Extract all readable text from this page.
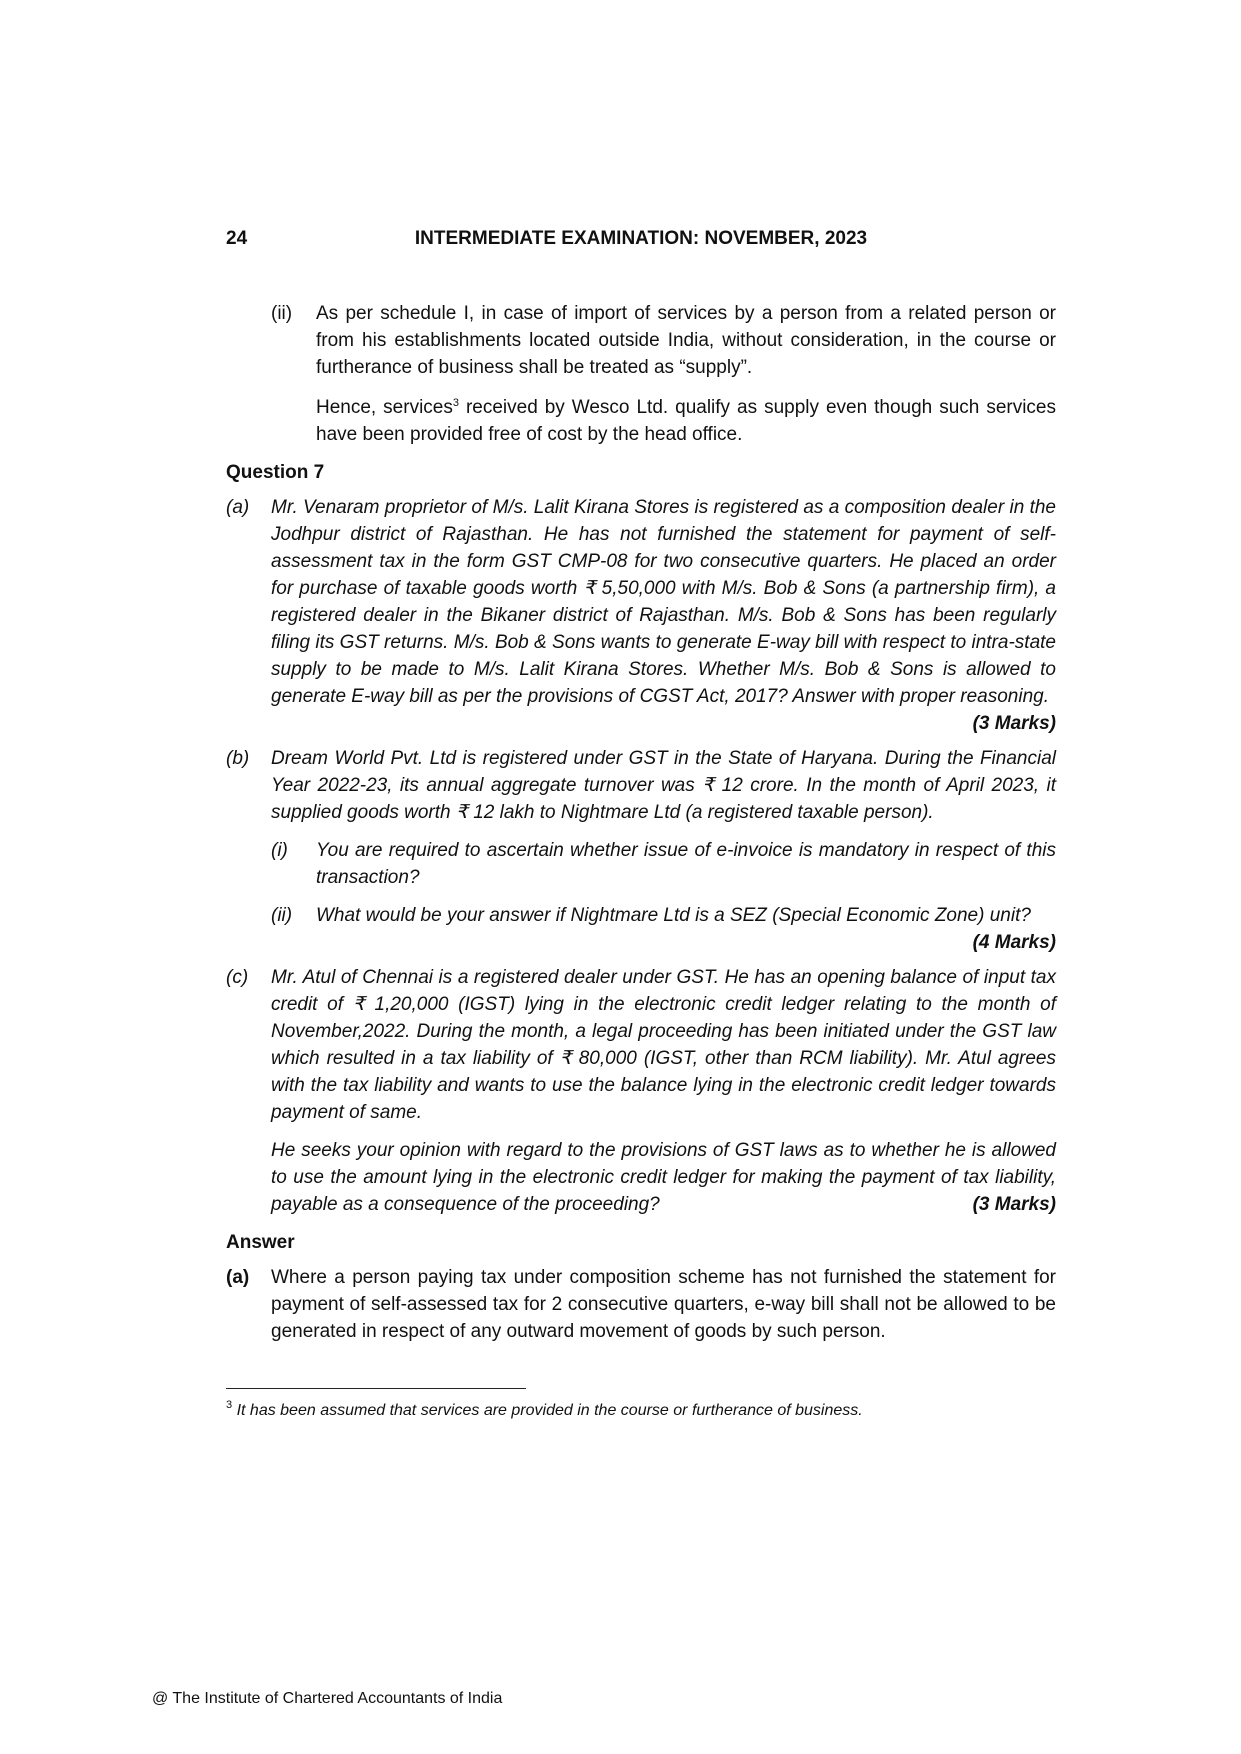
24	INTERMEDIATE EXAMINATION: NOVEMBER, 2023
(ii) As per schedule I, in case of import of services by a person from a related person or from his establishments located outside India, without consideration, in the course or furtherance of business shall be treated as “supply”.
Hence, services$^3$ received by Wesco Ltd. qualify as supply even though such services have been provided free of cost by the head office.
Question 7
(a) Mr. Venaram proprietor of M/s. Lalit Kirana Stores is registered as a composition dealer in the Jodhpur district of Rajasthan. He has not furnished the statement for payment of self-assessment tax in the form GST CMP-08 for two consecutive quarters. He placed an order for purchase of taxable goods worth ₹ 5,50,000 with M/s. Bob & Sons (a partnership firm), a registered dealer in the Bikaner district of Rajasthan. M/s. Bob & Sons has been regularly filing its GST returns. M/s. Bob & Sons wants to generate E-way bill with respect to intra-state supply to be made to M/s. Lalit Kirana Stores. Whether M/s. Bob & Sons is allowed to generate E-way bill as per the provisions of CGST Act, 2017? Answer with proper reasoning.
(3 Marks)
(b) Dream World Pvt. Ltd is registered under GST in the State of Haryana. During the Financial Year 2022-23, its annual aggregate turnover was ₹ 12 crore. In the month of April 2023, it supplied goods worth ₹ 12 lakh to Nightmare Ltd (a registered taxable person).
(i) You are required to ascertain whether issue of e-invoice is mandatory in respect of this transaction?
(ii) What would be your answer if Nightmare Ltd is a SEZ (Special Economic Zone) unit?
(4 Marks)
(c) Mr. Atul of Chennai is a registered dealer under GST. He has an opening balance of input tax credit of ₹ 1,20,000 (IGST) lying in the electronic credit ledger relating to the month of November,2022. During the month, a legal proceeding has been initiated under the GST law which resulted in a tax liability of ₹ 80,000 (IGST, other than RCM liability). Mr. Atul agrees with the tax liability and wants to use the balance lying in the electronic credit ledger towards payment of same.
He seeks your opinion with regard to the provisions of GST laws as to whether he is allowed to use the amount lying in the electronic credit ledger for making the payment of tax liability, payable as a consequence of the proceeding?	(3 Marks)
Answer
(a) Where a person paying tax under composition scheme has not furnished the statement for payment of self-assessed tax for 2 consecutive quarters, e-way bill shall not be allowed to be generated in respect of any outward movement of goods by such person.
$^3$ It has been assumed that services are provided in the course or furtherance of business.
@ The Institute of Chartered Accountants of India
